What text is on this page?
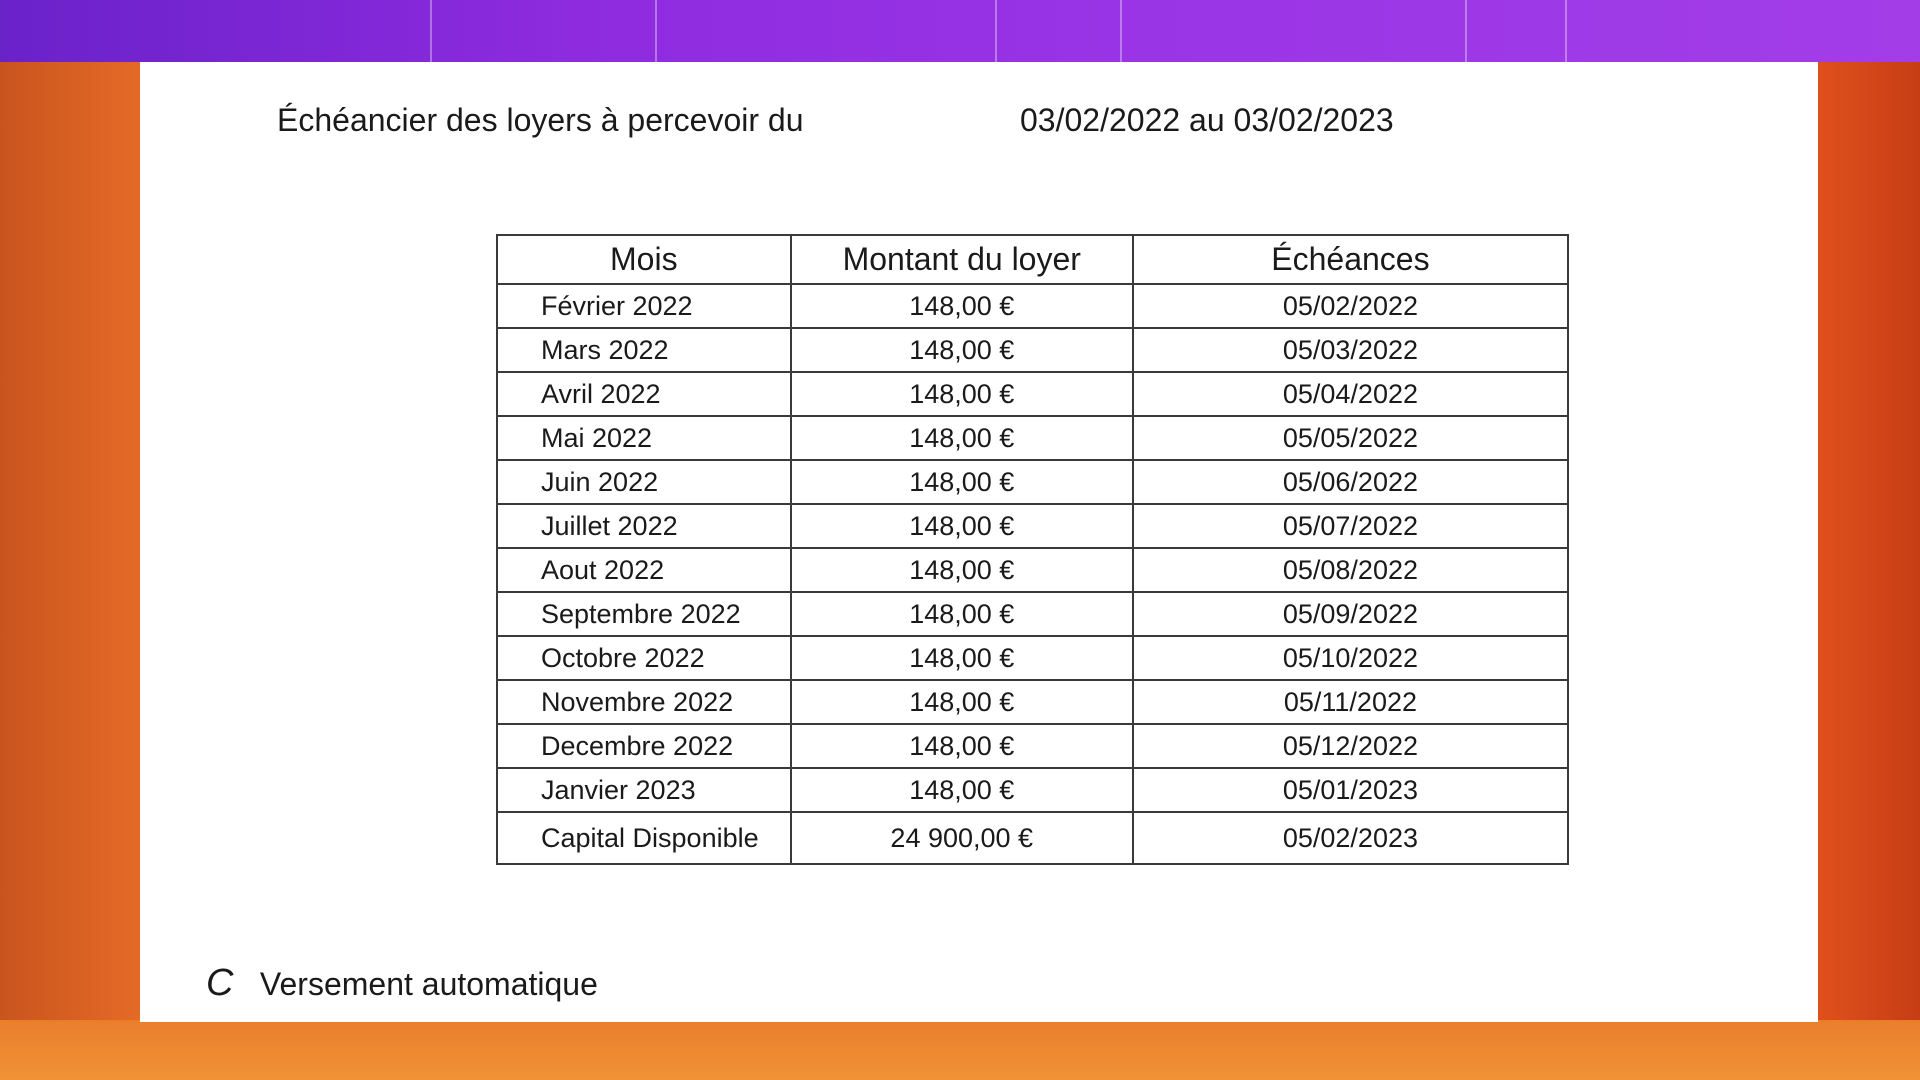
Échéancier des loyers à percevoir du	03/02/2022 au 03/02/2023
Mois	Montant du loyer	Échéances
Février 2022	148,00 €	05/02/2022
Mars 2022	148,00 €	05/03/2022
Avril 2022	148,00 €	05/04/2022
Mai 2022	148,00 €	05/05/2022
Juin 2022	148,00 €	05/06/2022
Juillet 2022	148,00 €	05/07/2022
Aout 2022	148,00 €	05/08/2022
Septembre 2022	148,00 €	05/09/2022
Octobre 2022	148,00 €	05/10/2022
Novembre 2022	148,00 €	05/11/2022
Decembre 2022	148,00 €	05/12/2022
Janvier 2023	148,00 €	05/01/2023
Capital Disponible	24 900,00 €	05/02/2023
C Versement automatique
